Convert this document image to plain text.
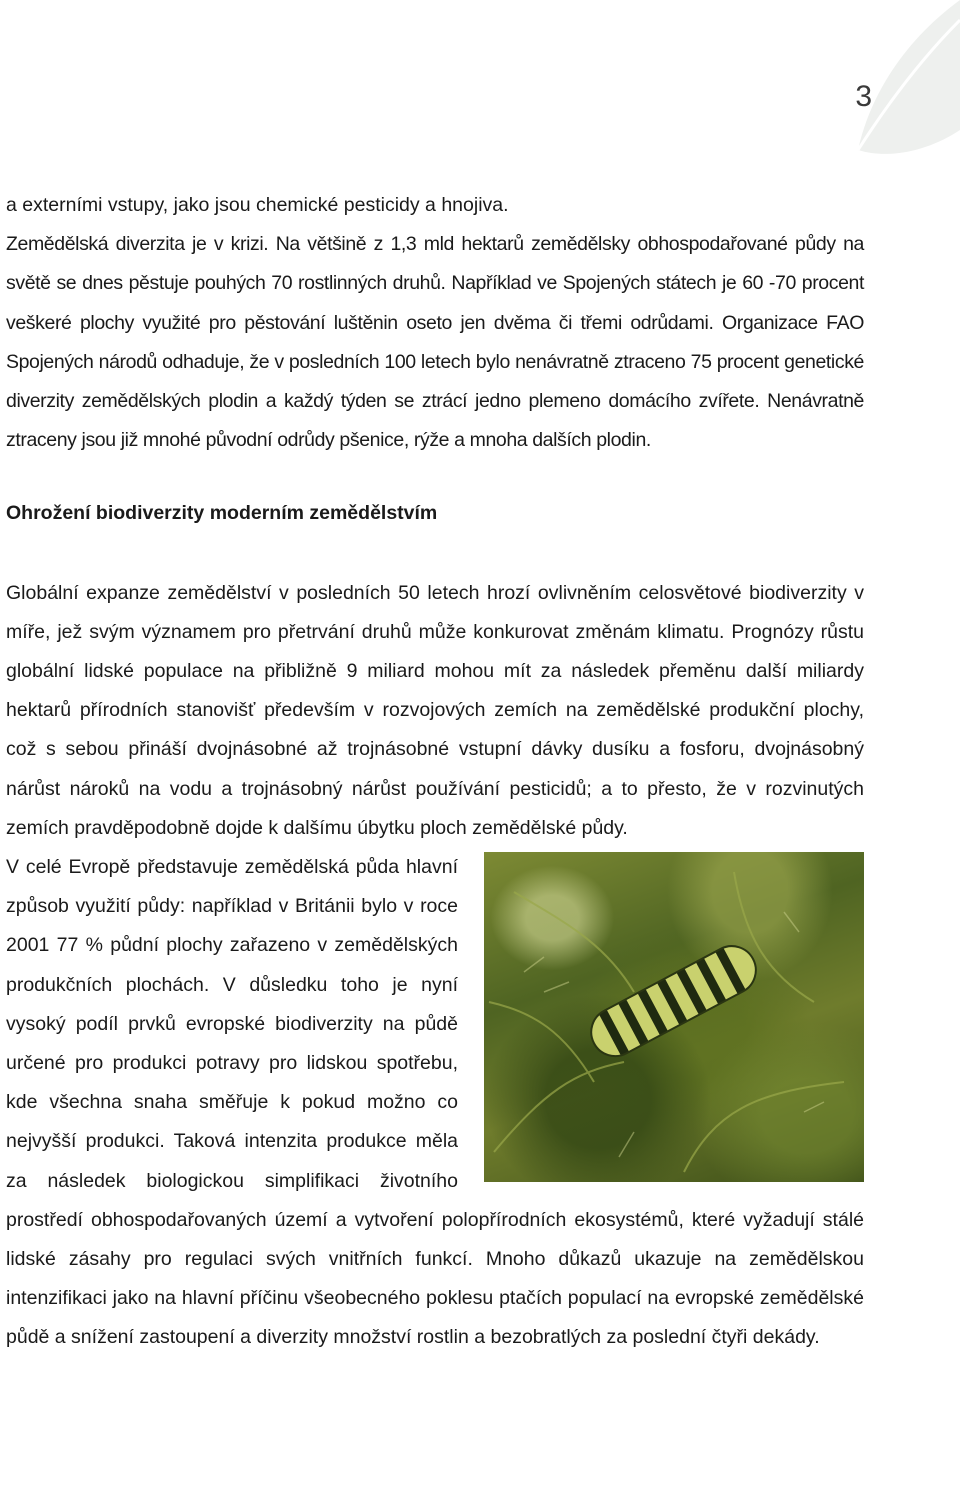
3

a externími vstupy, jako jsou chemické pesticidy a hnojiva.

Zemědělská diverzita je v krizi. Na většině z 1,3 mld hektarů zemědělsky obhospodařované půdy na světě se dnes pěstuje pouhých 70 rostlinných druhů. Například ve Spojených státech je 60 -70 procent veškeré plochy využité pro pěstování luštěnin oseto jen dvěma či třemi odrůdami. Organizace FAO Spojených národů odhaduje, že v posledních 100 letech bylo nenávratně ztraceno 75 procent genetické diverzity zemědělských plodin a každý týden se ztrácí jedno plemeno domácího zvířete. Nenávratně ztraceny jsou již mnohé původní odrůdy pšenice, rýže a mnoha dalších plodin.

Ohrožení biodiverzity moderním zemědělstvím

Globální expanze zemědělství v posledních 50 letech hrozí ovlivněním celosvětové biodiverzity v míře, jež svým významem pro přetrvání druhů může konkurovat změnám klimatu. Prognózy růstu globální lidské populace na přibližně 9 miliard mohou mít za následek přeměnu další miliardy hektarů přírodních stanovišť především v rozvojových zemích na zemědělské produkční plochy, což s sebou přináší dvojnásobné až trojnásobné vstupní dávky dusíku a fosforu, dvojnásobný nárůst nároků na vodu a trojnásobný nárůst používání pesticidů; a to přesto, že v rozvinutých zemích pravděpodobně dojde k dalšímu úbytku ploch zemědělské půdy.

V celé Evropě představuje zemědělská půda hlavní způsob využití půdy: například v Británii bylo v roce 2001 77 % půdní plochy zařazeno v zemědělských produkčních plochách. V důsledku toho je nyní vysoký podíl prvků evropské biodiverzity na půdě určené pro produkci potravy pro lidskou spotřebu, kde všechna snaha směřuje k pokud možno co nejvyšší produkci. Taková intenzita produkce měla za následek biologickou simplifikaci životního prostředí obhospodařovaných území a vytvoření polopřírodních ekosystémů, které vyžadují stálé lidské zásahy pro regulaci svých vnitřních funkcí. Mnoho důkazů ukazuje na zemědělskou intenzifikaci jako na hlavní příčinu všeobecného poklesu ptačích populací na evropské zemědělské půdě a snížení zastoupení a diverzity množství rostlin a bezobratlých za poslední čtyři dekády.
